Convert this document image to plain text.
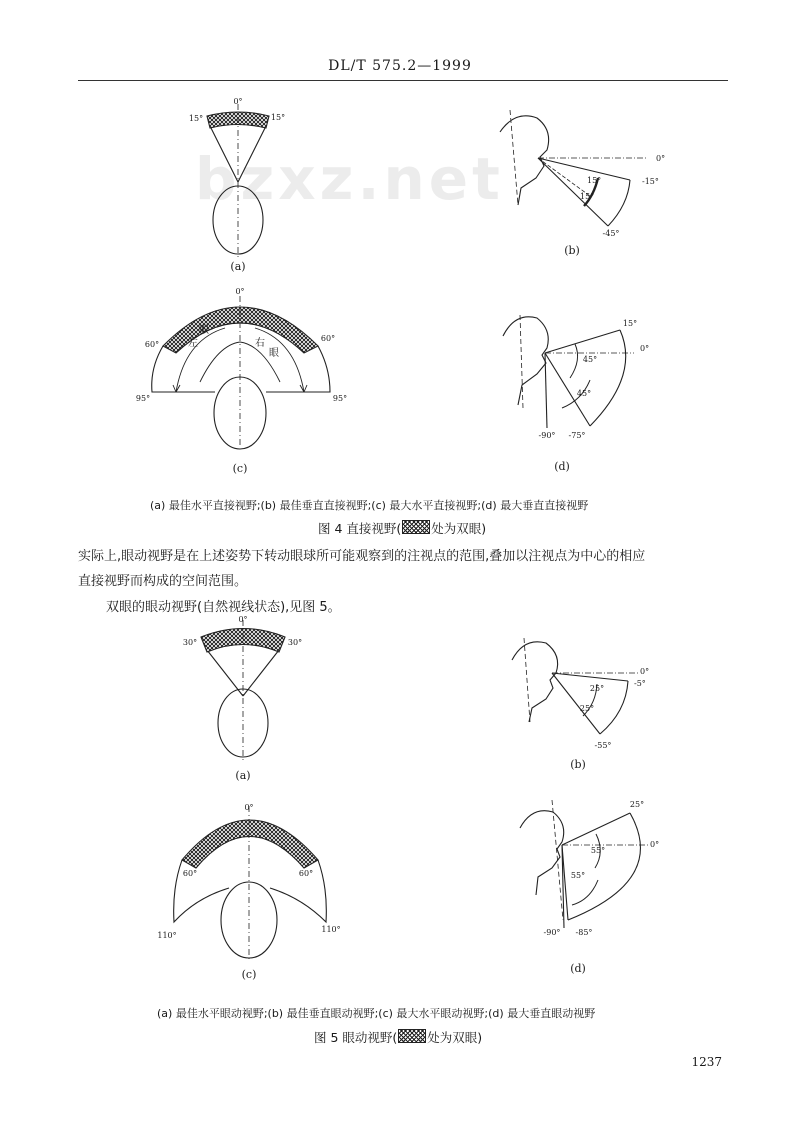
DL/T 575.2—1999
bzxz.net
0°
15°	15°
(a)
0°
-15°
15°
15°
-45°
(b)
0°
60°
60°
95°	95°
眼
左	右
眼
(c)
15°
0°
45°
45°
-90° -75°
(d)
0°
30°	30°
(a)
0°
-5°
25°
25°
-55°
(b)
0°
60°	60°
110°
110°
(c)
25°
0°
55°
55°
-90° -85°
(d)
(a) 最佳水平直接视野;(b) 最佳垂直直接视野;(c) 最大水平直接视野;(d) 最大垂直直接视野
图 4 直接视野( 处为双眼)
实际上,眼动视野是在上述姿势下转动眼球所可能观察到的注视点的范围,叠加以注视点为中心的相应
直接视野而构成的空间范围。
双眼的眼动视野(自然视线状态),见图 5。
(a) 最佳水平眼动视野;(b) 最佳垂直眼动视野;(c) 最大水平眼动视野;(d) 最大垂直眼动视野
图 5 眼动视野( 处为双眼)
1237
